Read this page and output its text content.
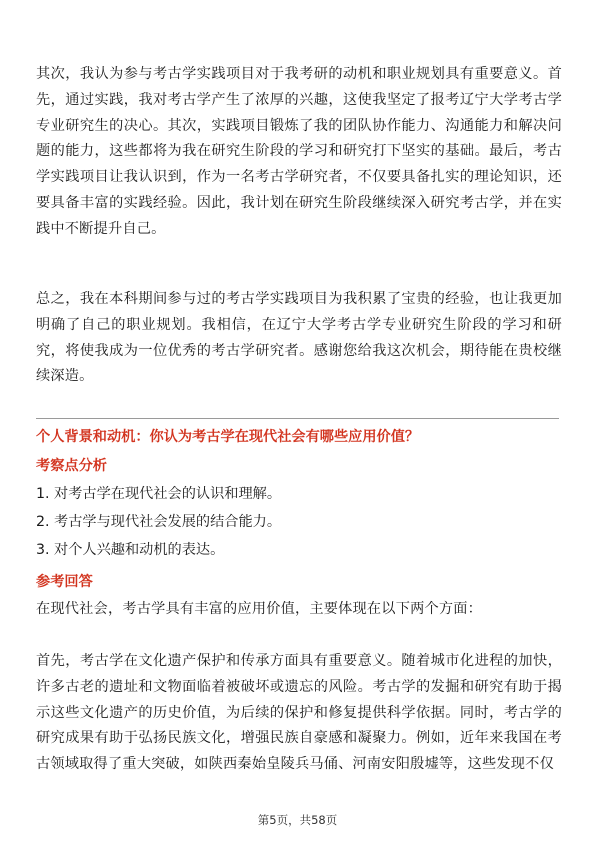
其次，我认为参与考古学实践项目对于我考研的动机和职业规划具有重要意义。首先，通过实践，我对考古学产生了浓厚的兴趣，这使我坚定了报考辽宁大学考古学专业研究生的决心。其次，实践项目锻炼了我的团队协作能力、沟通能力和解决问题的能力，这些都将为我在研究生阶段的学习和研究打下坚实的基础。最后，考古学实践项目让我认识到，作为一名考古学研究者，不仅要具备扎实的理论知识，还要具备丰富的实践经验。因此，我计划在研究生阶段继续深入研究考古学，并在实践中不断提升自己。

总之，我在本科期间参与过的考古学实践项目为我积累了宝贵的经验，也让我更加明确了自己的职业规划。我相信，在辽宁大学考古学专业研究生阶段的学习和研究，将使我成为一位优秀的考古学研究者。感谢您给我这次机会，期待能在贵校继续深造。

个人背景和动机：你认为考古学在现代社会有哪些应用价值？

考察点分析

1. 对考古学在现代社会的认识和理解。

2. 考古学与现代社会发展的结合能力。

3. 对个人兴趣和动机的表达。

参考回答

在现代社会，考古学具有丰富的应用价值，主要体现在以下两个方面：

首先，考古学在文化遗产保护和传承方面具有重要意义。随着城市化进程的加快，许多古老的遗址和文物面临着被破坏或遗忘的风险。考古学的发掘和研究有助于揭示这些文化遗产的历史价值，为后续的保护和修复提供科学依据。同时，考古学的研究成果有助于弘扬民族文化，增强民族自豪感和凝聚力。例如，近年来我国在考古领域取得了重大突破，如陕西秦始皇陵兵马俑、河南安阳殷墟等，这些发现不仅

第5页，共58页
